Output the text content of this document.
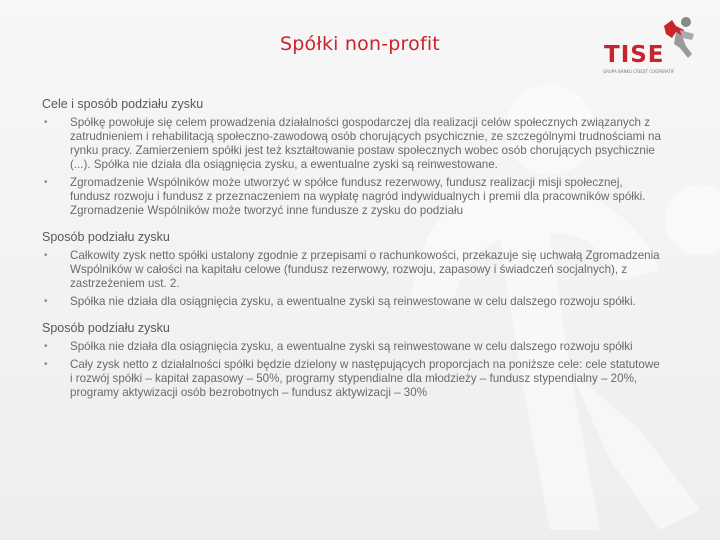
Spółki non-profit	TISE
GRUPA BANKU CREDIT COOPERATIF
Cele i sposób podziału zysku
• Spółkę powołuje się celem prowadzenia działalności gospodarczej dla realizacji celów społecznych związanych z zatrudnieniem i rehabilitacją społeczno-zawodową osób chorujących psychicznie, ze szczególnymi trudnościami na rynku pracy. Zamierzeniem spółki jest też kształtowanie postaw społecznych wobec osób chorujących psychicznie (...). Spółka nie działa dla osiągnięcia zysku, a ewentualne zyski są reinwestowane.
• Zgromadzenie Wspólników może utworzyć w spółce fundusz rezerwowy, fundusz realizacji misji społecznej, fundusz rozwoju i fundusz z przeznaczeniem na wypłatę nagród indywidualnych i premii dla pracowników spółki. Zgromadzenie Wspólników może tworzyć inne fundusze z zysku do podziału
Sposób podziału zysku
• Całkowity zysk netto spółki ustalony zgodnie z przepisami o rachunkowości, przekazuje się uchwałą Zgromadzenia Wspólników w całości na kapitału celowe (fundusz rezerwowy, rozwoju, zapasowy i świadczeń socjalnych), z zastrzeżeniem ust. 2.
• Spółka nie działa dla osiągnięcia zysku, a ewentualne zyski są reinwestowane w celu dalszego rozwoju spółki.
Sposób podziału zysku
• Spółka nie działa dla osiągnięcia zysku, a ewentualne zyski są reinwestowane w celu dalszego rozwoju spółki
• Cały zysk netto z działalności spółki będzie dzielony w następujących proporcjach na poniższe cele: cele statutowe i rozwój spółki – kapitał zapasowy – 50%, programy stypendialne dla młodzieży – fundusz stypendialny – 20%, programy aktywizacji osób bezrobotnych – fundusz aktywizacji – 30%
